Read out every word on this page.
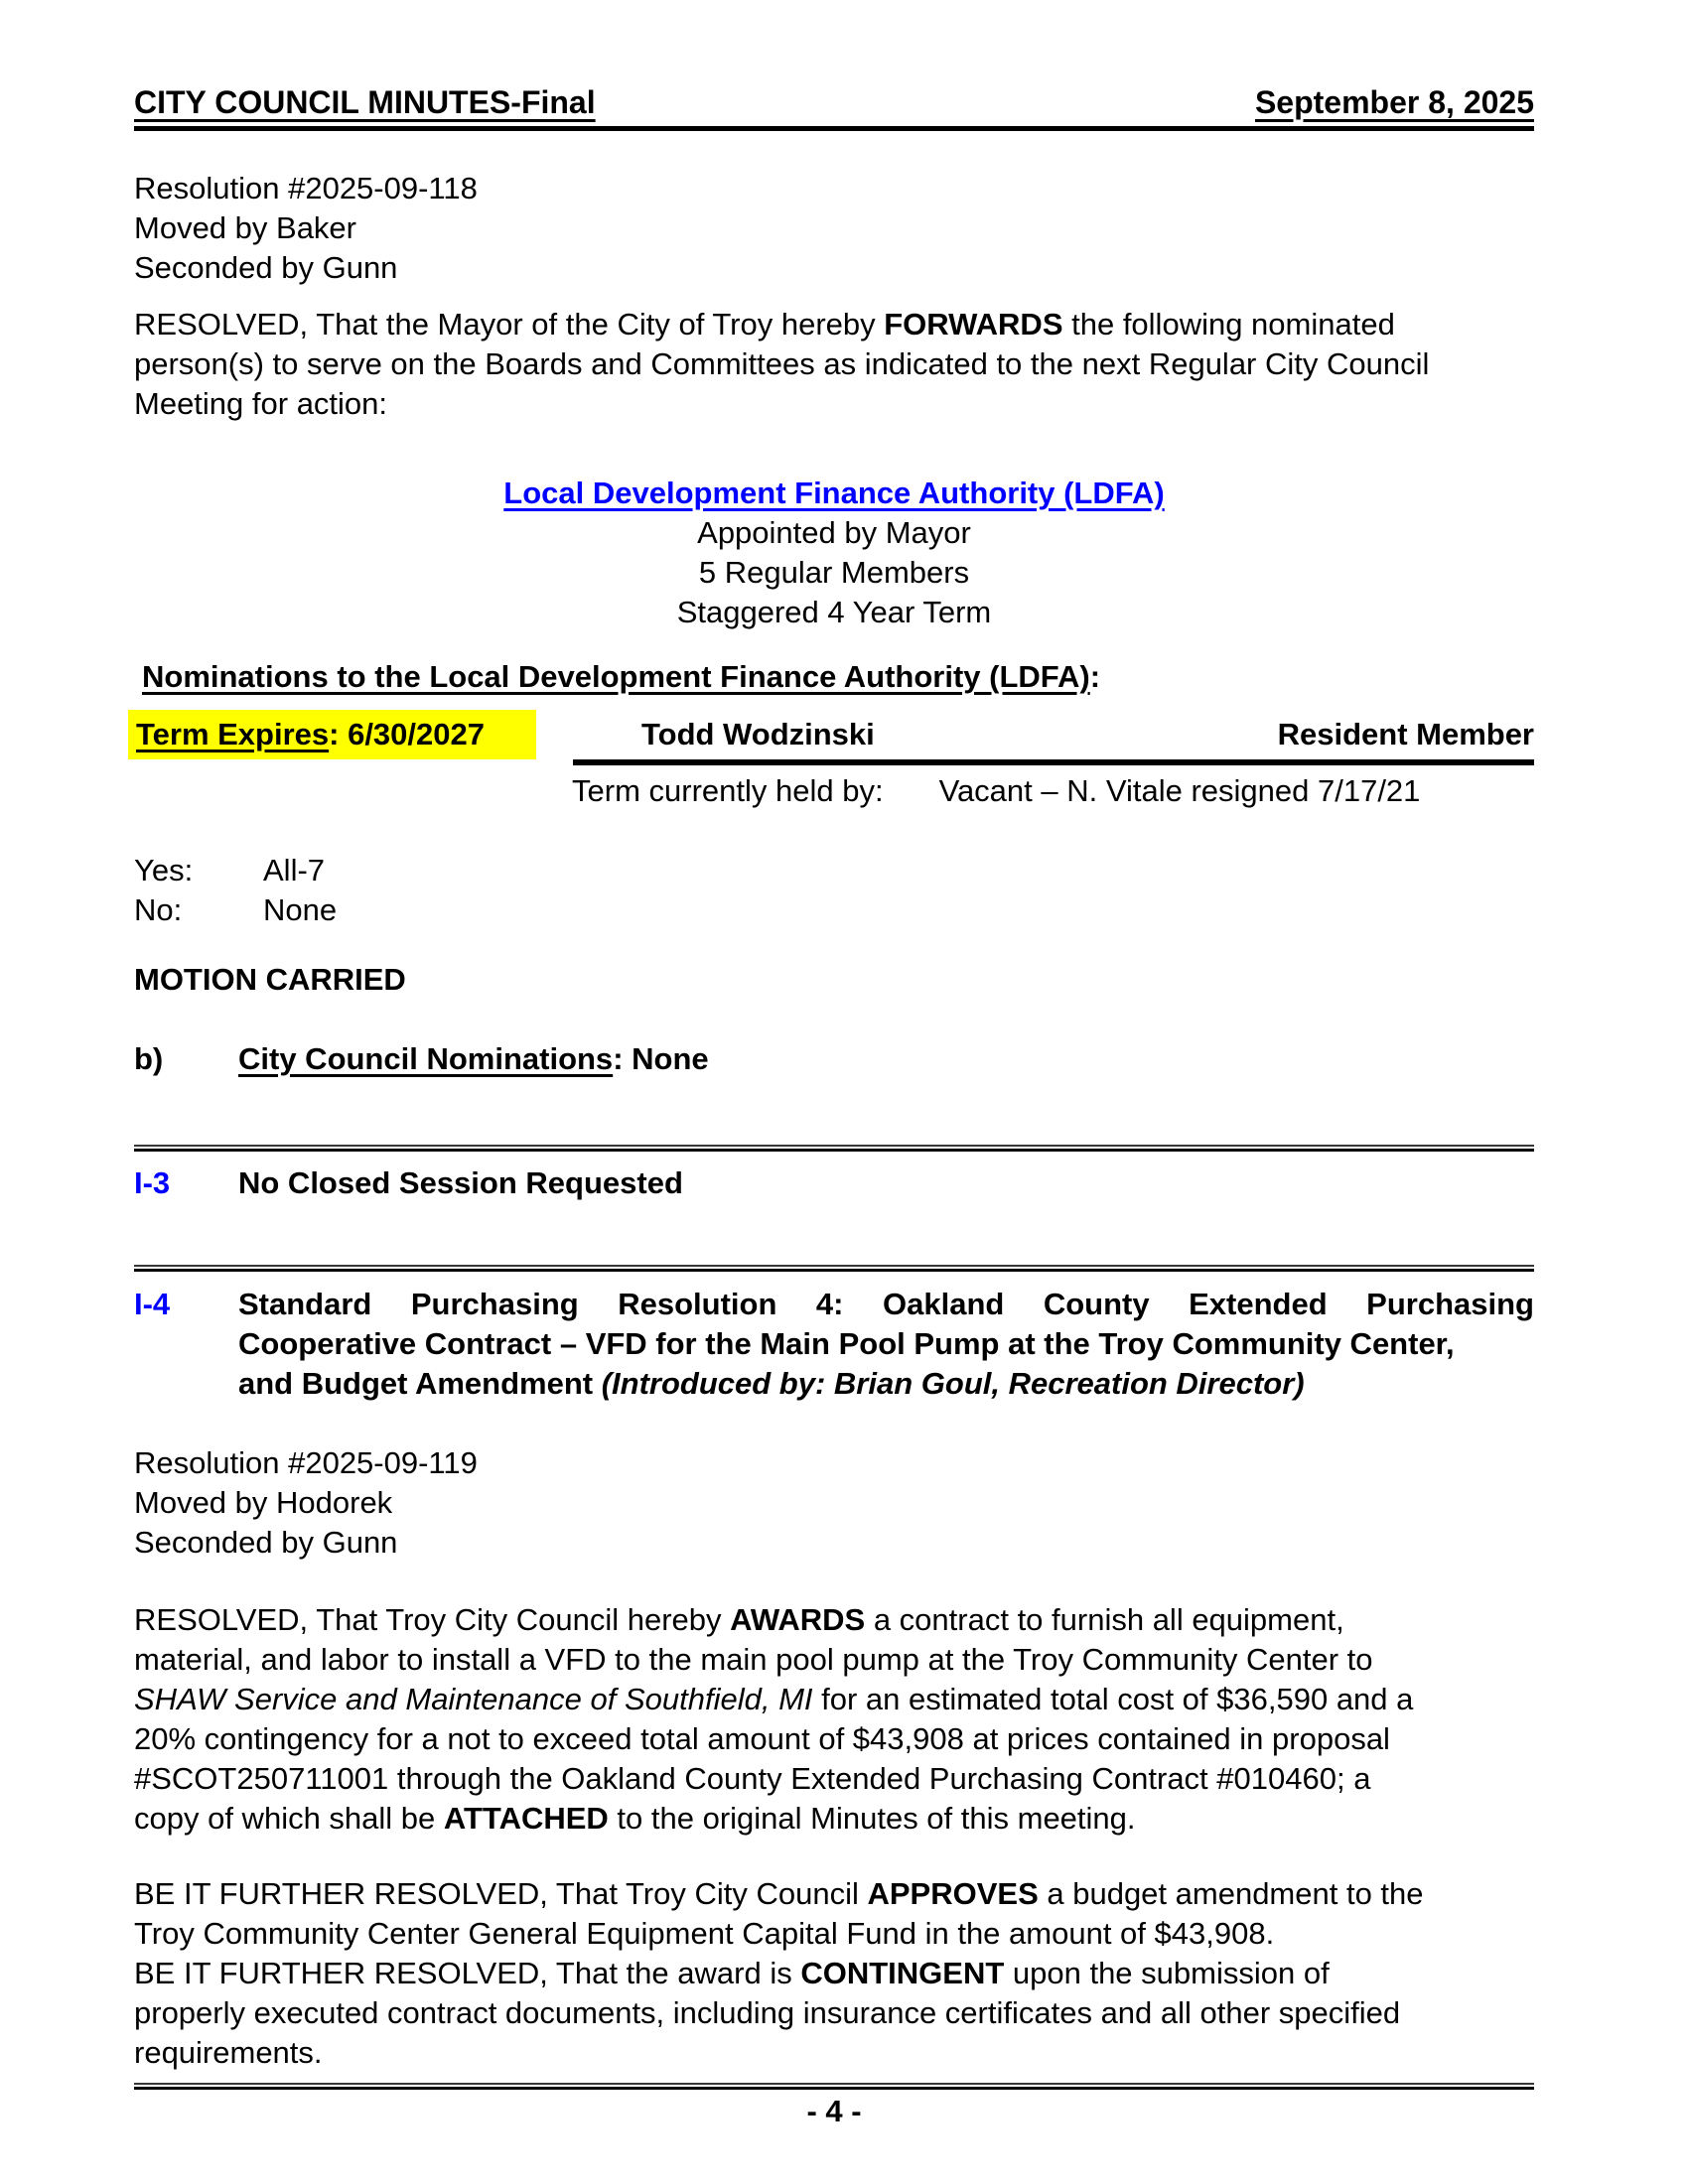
CITY COUNCIL MINUTES-Final	September 8, 2025
Resolution #2025-09-118
Moved by Baker
Seconded by Gunn
RESOLVED, That the Mayor of the City of Troy hereby FORWARDS the following nominated
person(s) to serve on the Boards and Committees as indicated to the next Regular City Council
Meeting for action:
Local Development Finance Authority (LDFA)
Appointed by Mayor
5 Regular Members
Staggered 4 Year Term
Nominations to the Local Development Finance Authority (LDFA):
Term Expires: 6/30/2027	Todd Wodzinski	Resident Member
Term currently held by: Vacant – N. Vitale resigned 7/17/21
Yes: All-7
No:	None
MOTION CARRIED
b) City Council Nominations: None
I-3 No Closed Session Requested
I-4 Standard Purchasing Resolution 4: Oakland County Extended Purchasing
Cooperative Contract – VFD for the Main Pool Pump at the Troy Community Center,
and Budget Amendment (Introduced by: Brian Goul, Recreation Director)
Resolution #2025-09-119
Moved by Hodorek
Seconded by Gunn
RESOLVED, That Troy City Council hereby AWARDS a contract to furnish all equipment,
material, and labor to install a VFD to the main pool pump at the Troy Community Center to
SHAW Service and Maintenance of Southfield, MI for an estimated total cost of $36,590 and a
20% contingency for a not to exceed total amount of $43,908 at prices contained in proposal
#SCOT250711001 through the Oakland County Extended Purchasing Contract #010460; a
copy of which shall be ATTACHED to the original Minutes of this meeting.
BE IT FURTHER RESOLVED, That Troy City Council APPROVES a budget amendment to the
Troy Community Center General Equipment Capital Fund in the amount of $43,908.
BE IT FURTHER RESOLVED, That the award is CONTINGENT upon the submission of
properly executed contract documents, including insurance certificates and all other specified
requirements.
- 4 -
